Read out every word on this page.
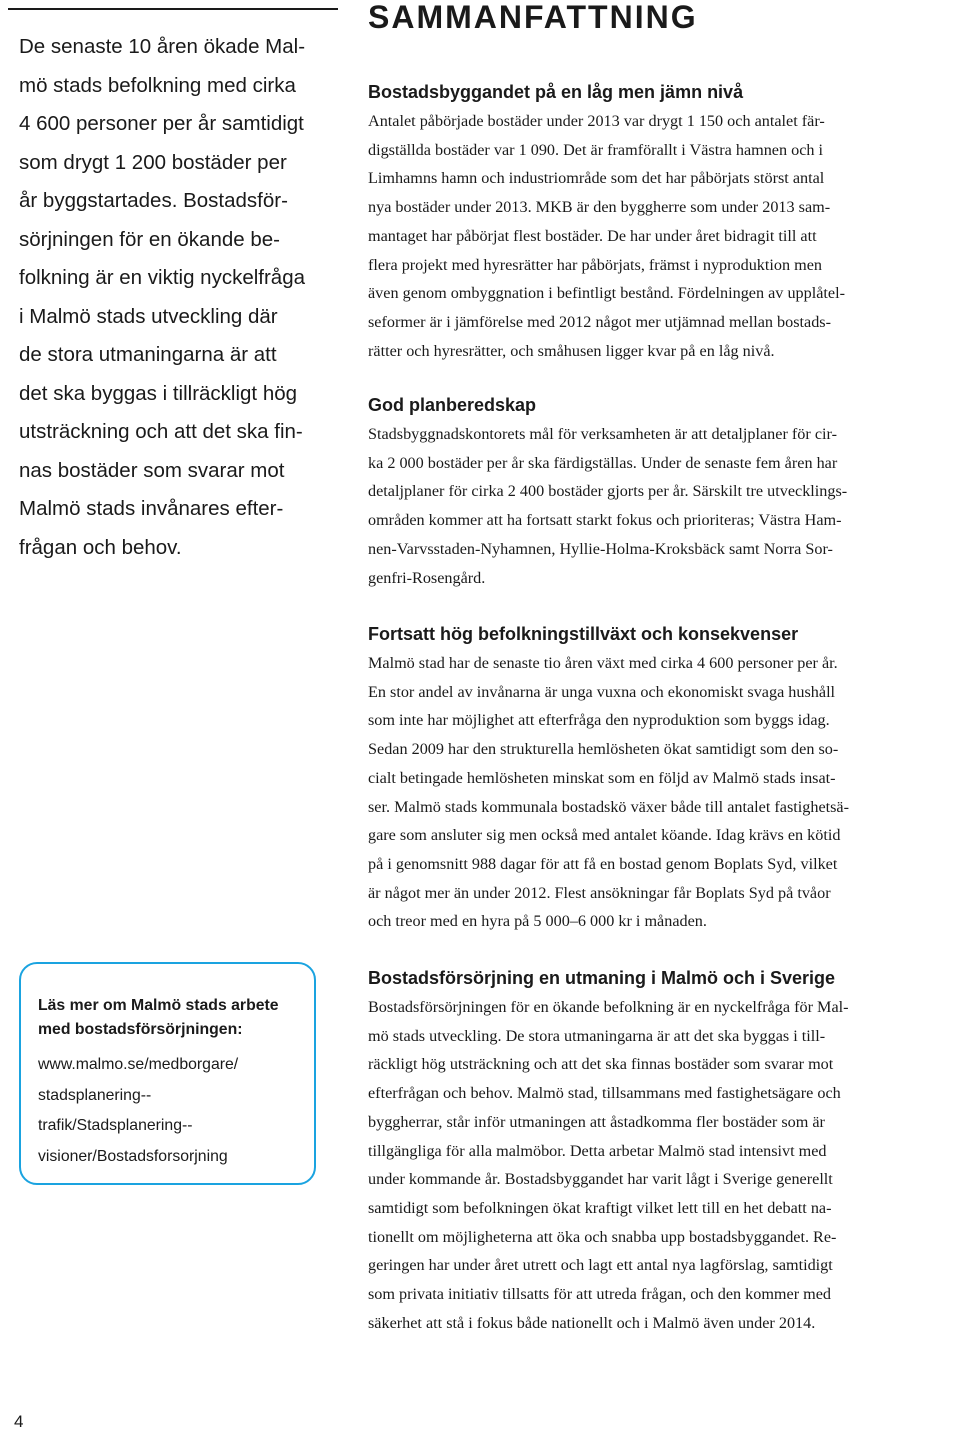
De senaste 10 åren ökade Mal-
mö stads befolkning med cirka
4 600 personer per år samtidigt
som drygt 1 200 bostäder per
år byggstartades. Bostadsför-
sörjningen för en ökande be-
folkning är en viktig nyckelfråga
i Malmö stads utveckling där
de stora utmaningarna är att
det ska byggas i tillräckligt hög
utsträckning och att det ska fin-
nas bostäder som svarar mot
Malmö stads invånares efter-
frågan och behov.

SAMMANFATTNING
Bostadsbyggandet på en låg men jämn nivå

Antalet påbörjade bostäder under 2013 var drygt 1 150 och antalet fär-
digställda bostäder var 1 090. Det är framförallt i Västra hamnen och i
Limhamns hamn och industriområde som det har påbörjats störst antal
nya bostäder under 2013. MKB är den byggherre som under 2013 sam-
mantaget har påbörjat flest bostäder. De har under året bidragit till att
flera projekt med hyresrätter har påbörjats, främst i nyproduktion men
även genom ombyggnation i befintligt bestånd. Fördelningen av upplåtel-
seformer är i jämförelse med 2012 något mer utjämnad mellan bostads-
rätter och hyresrätter, och småhusen ligger kvar på en låg nivå.

God planberedskap

Stadsbyggnadskontorets mål för verksamheten är att detaljplaner för cir-
ka 2 000 bostäder per år ska färdigställas. Under de senaste fem åren har
detaljplaner för cirka 2 400 bostäder gjorts per år. Särskilt tre utvecklings-
områden kommer att ha fortsatt starkt fokus och prioriteras; Västra Ham-
nen-Varvsstaden-Nyhamnen, Hyllie-Holma-Kroksbäck samt Norra Sor-
genfri-Rosengård.

Fortsatt hög befolkningstillväxt och konsekvenser

Malmö stad har de senaste tio åren växt med cirka 4 600 personer per år.
En stor andel av invånarna är unga vuxna och ekonomiskt svaga hushåll
som inte har möjlighet att efterfråga den nyproduktion som byggs idag.
Sedan 2009 har den strukturella hemlösheten ökat samtidigt som den so-
cialt betingade hemlösheten minskat som en följd av Malmö stads insat-
ser. Malmö stads kommunala bostadskö växer både till antalet fastighetsä-
gare som ansluter sig men också med antalet köande. Idag krävs en kötid
på i genomsnitt 988 dagar för att få en bostad genom Boplats Syd, vilket
är något mer än under 2012. Flest ansökningar får Boplats Syd på tvåor
och treor med en hyra på 5 000–6 000 kr i månaden.

Bostadsförsörjning en utmaning i Malmö och i Sverige

Bostadsförsörjningen för en ökande befolkning är en nyckelfråga för Mal-
mö stads utveckling. De stora utmaningarna är att det ska byggas i till-
räckligt hög utsträckning och att det ska finnas bostäder som svarar mot
efterfrågan och behov. Malmö stad, tillsammans med fastighetsägare och
byggherrar, står inför utmaningen att åstadkomma fler bostäder som är
tillgängliga för alla malmöbor. Detta arbetar Malmö stad intensivt med
under kommande år. Bostadsbyggandet har varit lågt i Sverige generellt
samtidigt som befolkningen ökat kraftigt vilket lett till en het debatt na-
tionellt om möjligheterna att öka och snabba upp bostadsbyggandet. Re-
geringen har under året utrett och lagt ett antal nya lagförslag, samtidigt
som privata initiativ tillsatts för att utreda frågan, och den kommer med
säkerhet att stå i fokus både nationellt och i Malmö även under 2014.

Läs mer om Malmö stads arbete
med bostadsförsörjningen:

www.malmo.se/medborgare/
stadsplanering--
trafik/Stadsplanering--
visioner/Bostadsforsorjning

4
